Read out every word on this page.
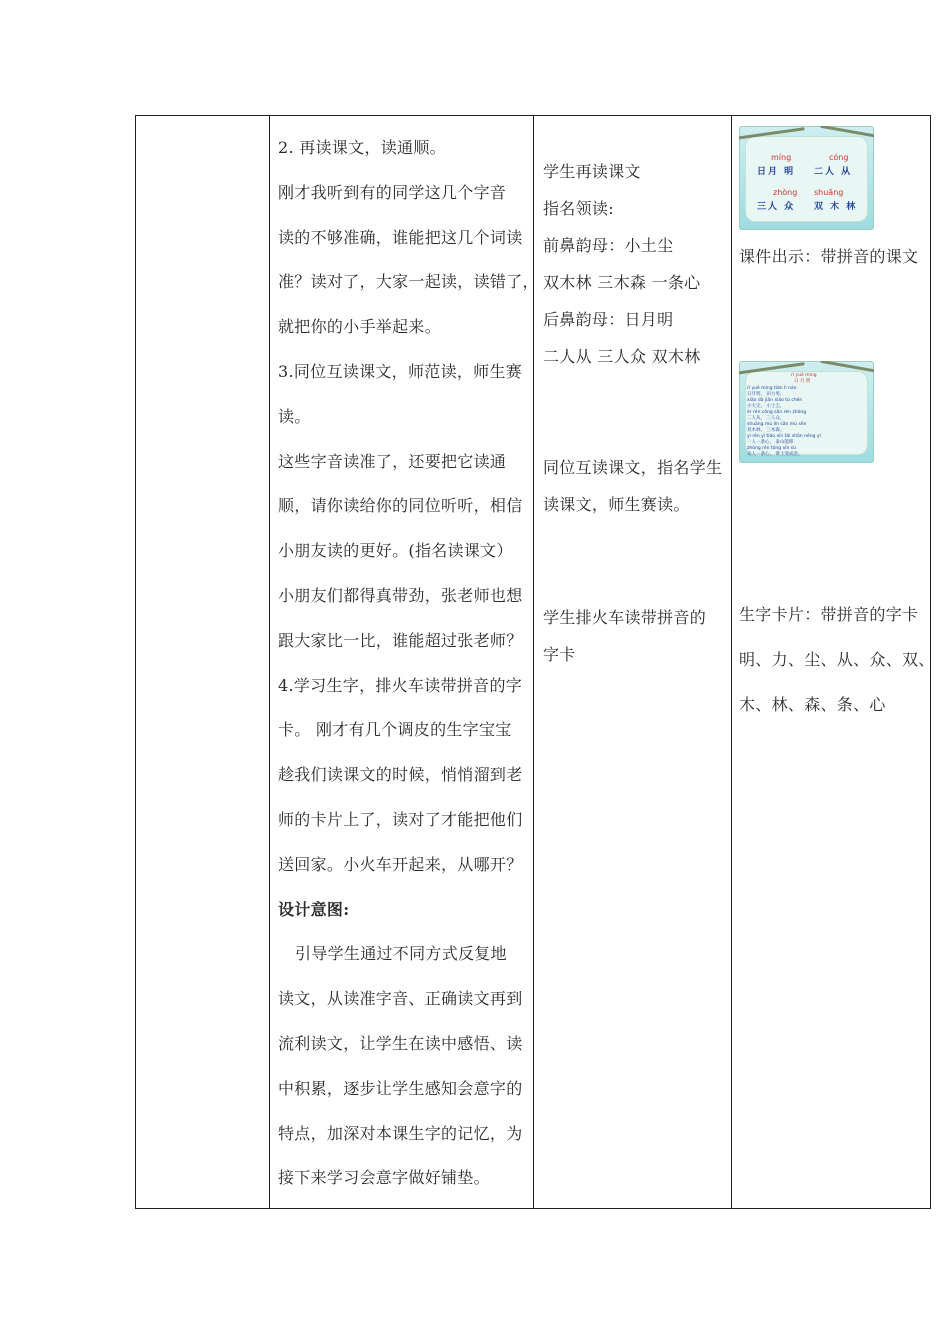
2. 再读课文，读通顺。
刚才我听到有的同学这几个字音
读的不够准确，谁能把这几个词读
准？读对了，大家一起读，读错了，
就把你的小手举起来。
3.同位互读课文，师范读，师生赛
读。
这些字音读准了，还要把它读通
顺，请你读给你的同位听听，相信
小朋友读的更好。(指名读课文）
小朋友们都得真带劲，张老师也想
跟大家比一比，谁能超过张老师？
4.学习生字，排火车读带拼音的字
卡。 刚才有几个调皮的生字宝宝
趁我们读课文的时候，悄悄溜到老
师的卡片上了，读对了才能把他们
送回家。小火车开起来，从哪开？
设计意图:
引导学生通过不同方式反复地
读文，从读准字音、正确读文再到
流利读文，让学生在读中感悟、读
中积累，逐步让学生感知会意字的
特点，加深对本课生字的记忆，为
接下来学习会意字做好铺垫。
学生再读课文
指名领读:
前鼻韵母：小土尘
双木林 三木森 一条心
后鼻韵母：日月明
二人从 三人众 双木林
同位互读课文，指名学生
读课文，师生赛读。
学生排火车读带拼音的
字卡
míng	cóng
日月 明 二人 从
zhòng shuāng
三人 众 双 木 林
课件出示：带拼音的课文
rì yuè míng
日 月 明
rì yuè míng tián lì nán
日月明， 田力男，
xiǎo dà jiān xiǎo tǔ chén
小大尖， 小土尘，
èr rén cóng sān rén zhòng
二人从， 三人众，
shuāng mù lín sān mù sēn
双木林， 三木森。
yì rén yì tiáo xīn tài shān néng yí
一人一条心， 泰山能移
zhòng rén tóng xīn sù
众人一条心， 黄土变成金。
生字卡片：带拼音的字卡
明、力、尘、从、众、双、
木、林、森、条、心
